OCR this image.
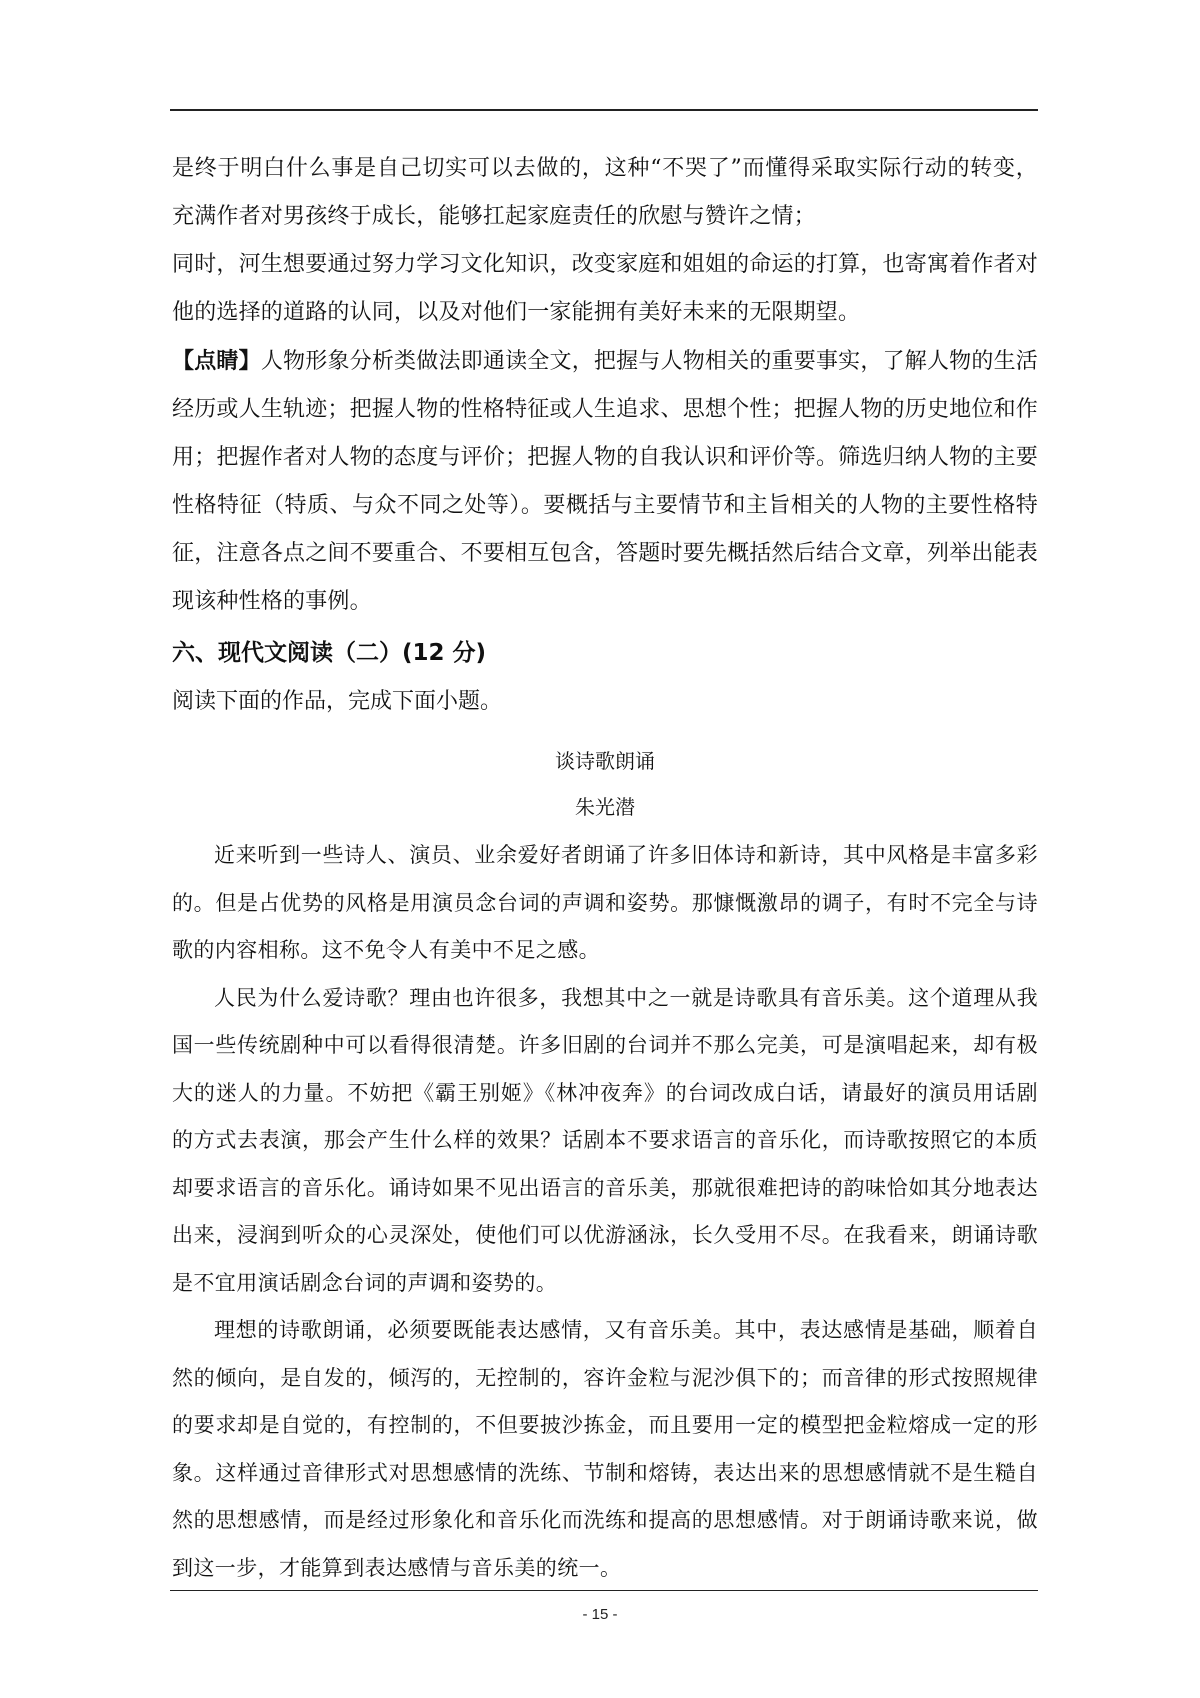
是终于明白什么事是自己切实可以去做的，这种“不哭了”而懂得采取实际行动的转变，充满作者对男孩终于成长，能够扛起家庭责任的欣慰与赞许之情；

同时，河生想要通过努力学习文化知识，改变家庭和姐姐的命运的打算，也寄寓着作者对他的选择的道路的认同，以及对他们一家能拥有美好未来的无限期望。

【点睛】人物形象分析类做法即通读全文，把握与人物相关的重要事实，了解人物的生活经历或人生轨迹；把握人物的性格特征或人生追求、思想个性；把握人物的历史地位和作用；把握作者对人物的态度与评价；把握人物的自我认识和评价等。筛选归纳人物的主要性格特征（特质、与众不同之处等）。要概括与主要情节和主旨相关的人物的主要性格特征，注意各点之间不要重合、不要相互包含，答题时要先概括然后结合文章，列举出能表现该种性格的事例。

六、现代文阅读（二）(12 分)

阅读下面的作品，完成下面小题。

谈诗歌朗诵

朱光潜

近来听到一些诗人、演员、业余爱好者朗诵了许多旧体诗和新诗，其中风格是丰富多彩的。但是占优势的风格是用演员念台词的声调和姿势。那慷慨激昂的调子，有时不完全与诗歌的内容相称。这不免令人有美中不足之感。

人民为什么爱诗歌？理由也许很多，我想其中之一就是诗歌具有音乐美。这个道理从我国一些传统剧种中可以看得很清楚。许多旧剧的台词并不那么完美，可是演唱起来，却有极大的迷人的力量。不妨把《霸王别姬》《林冲夜奔》的台词改成白话，请最好的演员用话剧的方式去表演，那会产生什么样的效果？话剧本不要求语言的音乐化，而诗歌按照它的本质却要求语言的音乐化。诵诗如果不见出语言的音乐美，那就很难把诗的韵味恰如其分地表达出来，浸润到听众的心灵深处，使他们可以优游涵泳，长久受用不尽。在我看来，朗诵诗歌是不宜用演话剧念台词的声调和姿势的。

理想的诗歌朗诵，必须要既能表达感情，又有音乐美。其中，表达感情是基础，顺着自然的倾向，是自发的，倾泻的，无控制的，容许金粒与泥沙俱下的；而音律的形式按照规律的要求却是自觉的，有控制的，不但要披沙拣金，而且要用一定的模型把金粒熔成一定的形象。这样通过音律形式对思想感情的洗练、节制和熔铸，表达出来的思想感情就不是生糙自然的思想感情，而是经过形象化和音乐化而洗练和提高的思想感情。对于朗诵诗歌来说，做到这一步，才能算到表达感情与音乐美的统一。

- 15 -
